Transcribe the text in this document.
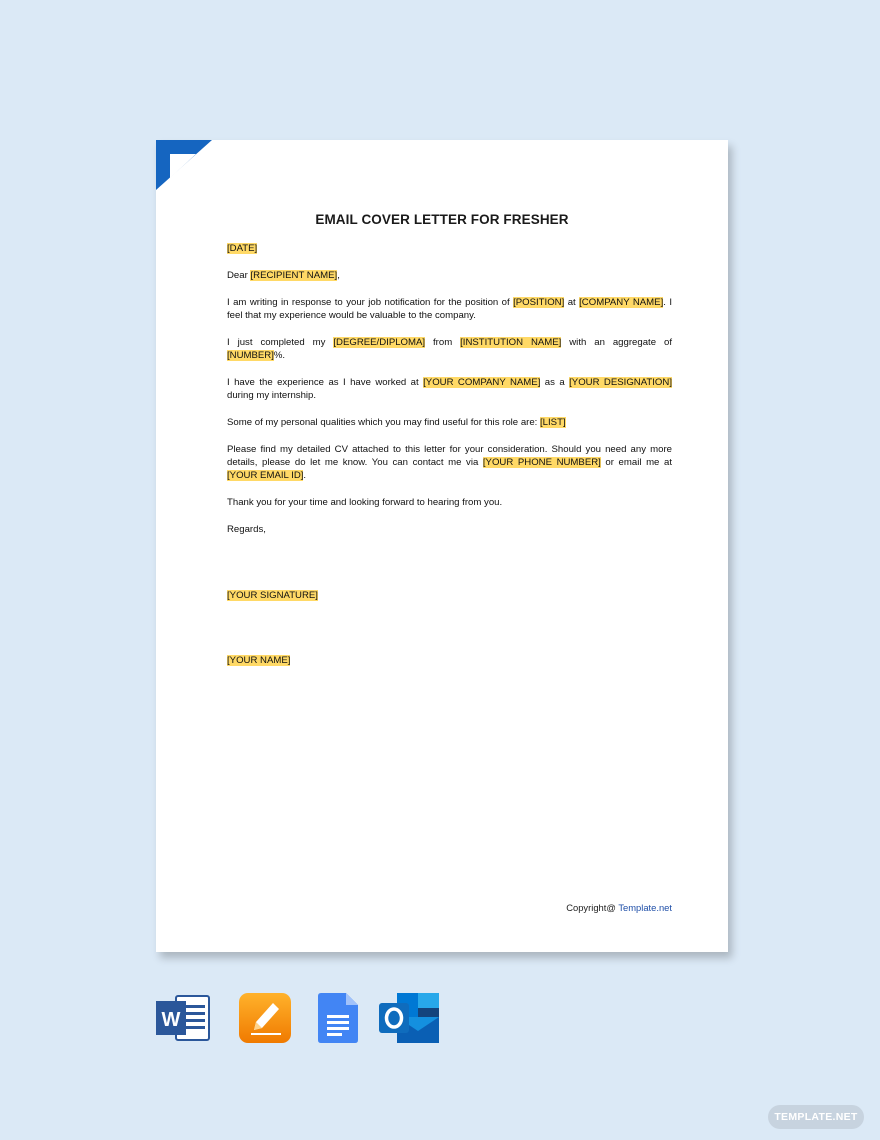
EMAIL COVER LETTER FOR FRESHER

[DATE]

Dear [RECIPIENT NAME],

I am writing in response to your job notification for the position of [POSITION] at [COMPANY NAME]. I feel that my experience would be valuable to the company.

I just completed my [DEGREE/DIPLOMA] from [INSTITUTION NAME] with an aggregate of [NUMBER]%.

I have the experience as I have worked at [YOUR COMPANY NAME] as a [YOUR DESIGNATION] during my internship.

Some of my personal qualities which you may find useful for this role are: [LIST]

Please find my detailed CV attached to this letter for your consideration. Should you need any more details, please do let me know. You can contact me via [YOUR PHONE NUMBER] or email me at [YOUR EMAIL ID].

Thank you for your time and looking forward to hearing from you.

Regards,

[YOUR SIGNATURE]

[YOUR NAME]

Copyright@ Template.net
W
TEMPLATE.NET
